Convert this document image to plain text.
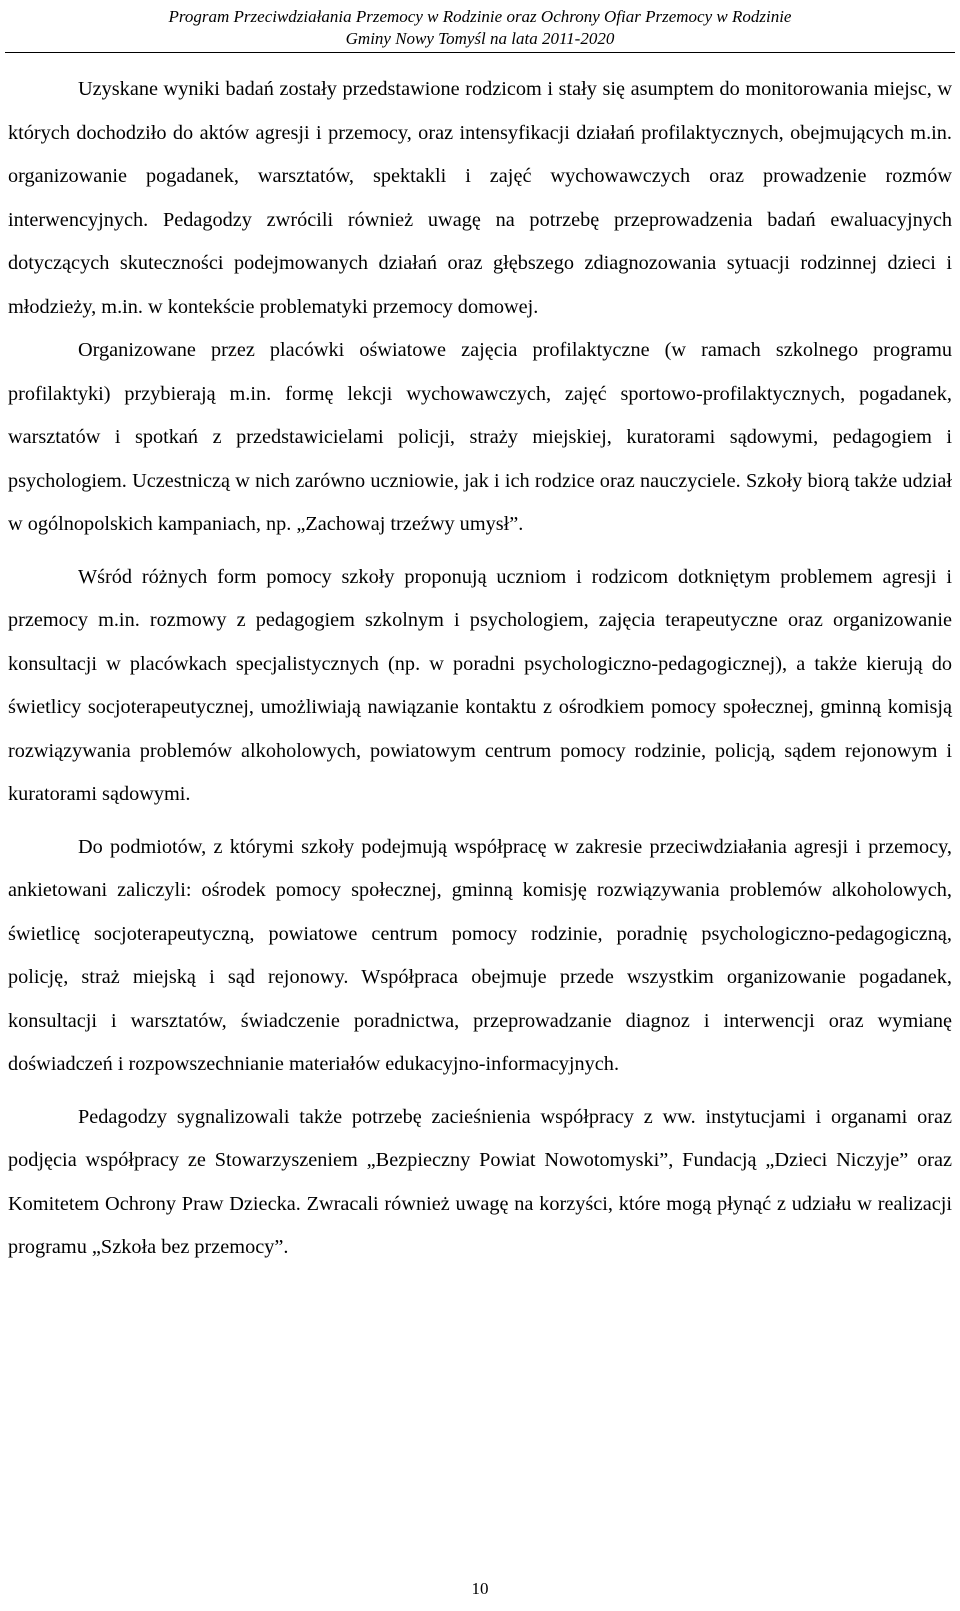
Program Przeciwdziałania Przemocy w Rodzinie oraz Ochrony Ofiar Przemocy w Rodzinie
Gminy Nowy Tomyśl na lata 2011-2020

Uzyskane wyniki badań zostały przedstawione rodzicom i stały się asumptem do monitorowania miejsc, w których dochodziło do aktów agresji i przemocy, oraz intensyfikacji działań profilaktycznych, obejmujących m.in. organizowanie pogadanek, warsztatów, spektakli i zajęć wychowawczych oraz prowadzenie rozmów interwencyjnych. Pedagodzy zwrócili również uwagę na potrzebę przeprowadzenia badań ewaluacyjnych dotyczących skuteczności podejmowanych działań oraz głębszego zdiagnozowania sytuacji rodzinnej dzieci i młodzieży, m.in. w kontekście problematyki przemocy domowej.

Organizowane przez placówki oświatowe zajęcia profilaktyczne (w ramach szkolnego programu profilaktyki) przybierają m.in. formę lekcji wychowawczych, zajęć sportowo-profilaktycznych, pogadanek, warsztatów i spotkań z przedstawicielami policji, straży miejskiej, kuratorami sądowymi, pedagogiem i psychologiem. Uczestniczą w nich zarówno uczniowie, jak i ich rodzice oraz nauczyciele. Szkoły biorą także udział w ogólnopolskich kampaniach, np. „Zachowaj trzeźwy umysł”.

Wśród różnych form pomocy szkoły proponują uczniom i rodzicom dotkniętym problemem agresji i przemocy m.in. rozmowy z pedagogiem szkolnym i psychologiem, zajęcia terapeutyczne oraz organizowanie konsultacji w placówkach specjalistycznych (np. w poradni psychologiczno-pedagogicznej), a także kierują do świetlicy socjoterapeutycznej, umożliwiają nawiązanie kontaktu z ośrodkiem pomocy społecznej, gminną komisją rozwiązywania problemów alkoholowych, powiatowym centrum pomocy rodzinie, policją, sądem rejonowym i kuratorami sądowymi.

Do podmiotów, z którymi szkoły podejmują współpracę w zakresie przeciwdziałania agresji i przemocy, ankietowani zaliczyli: ośrodek pomocy społecznej, gminną komisję rozwiązywania problemów alkoholowych, świetlicę socjoterapeutyczną, powiatowe centrum pomocy rodzinie, poradnię psychologiczno-pedagogiczną, policję, straż miejską i sąd rejonowy. Współpraca obejmuje przede wszystkim organizowanie pogadanek, konsultacji i warsztatów, świadczenie poradnictwa, przeprowadzanie diagnoz i interwencji oraz wymianę doświadczeń i rozpowszechnianie materiałów edukacyjno-informacyjnych.

Pedagodzy sygnalizowali także potrzebę zacieśnienia współpracy z ww. instytucjami i organami oraz podjęcia współpracy ze Stowarzyszeniem „Bezpieczny Powiat Nowotomyski”, Fundacją „Dzieci Niczyje” oraz Komitetem Ochrony Praw Dziecka. Zwracali również uwagę na korzyści, które mogą płynąć z udziału w realizacji programu „Szkoła bez przemocy”.

10
